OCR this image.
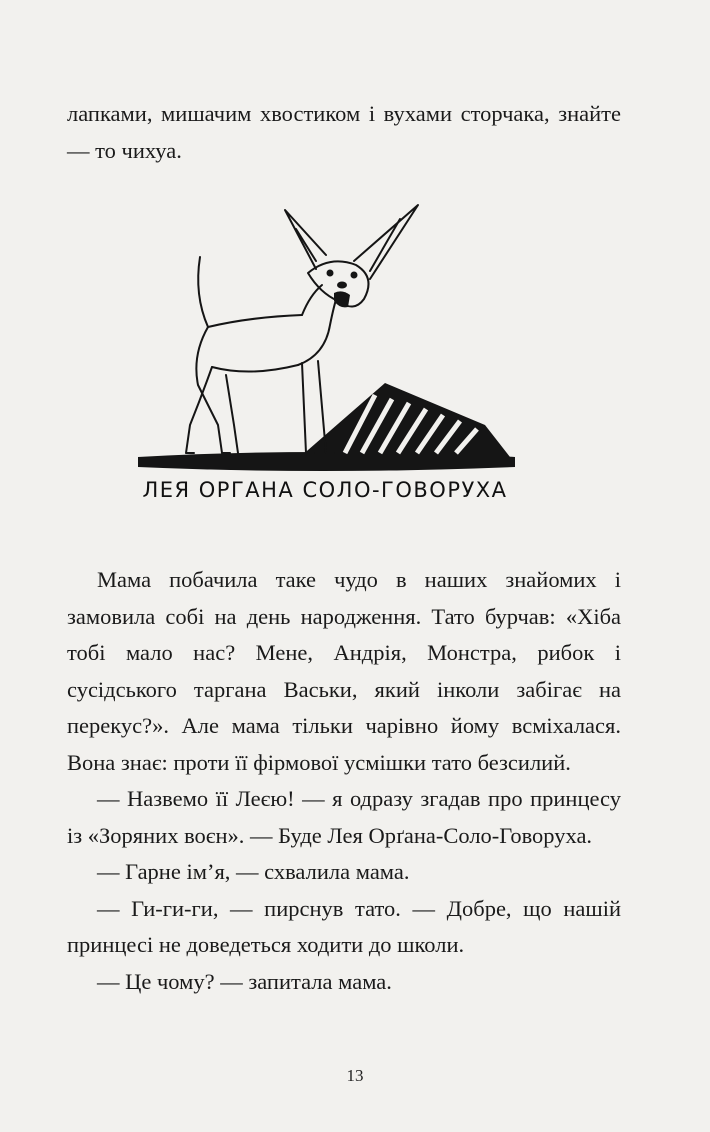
лапками, мишачим хвостиком і вухами сторчака, знайте — то чихуа.

ЛЕЯ ОРГАНА СОЛО-ГОВОРУХА

Мама побачила таке чудо в наших знайомих і замовила собі на день народження. Тато бурчав: «Хіба тобі мало нас? Мене, Андрія, Монстра, рибок і сусідського таргана Васьки, який інколи забігає на перекус?». Але мама тільки чарівно йому всміхалася. Вона знає: проти її фірмової усмішки тато безсилий.

— Назвемо її Леєю! — я одразу згадав про принцесу із «Зоряних воєн». — Буде Лея Орґана-Соло-Говоруха.

— Гарне ім’я, — схвалила мама.

— Ги-ги-ги, — пирснув тато. — Добре, що нашій принцесі не доведеться ходити до школи.

— Це чому? — запитала мама.

13
